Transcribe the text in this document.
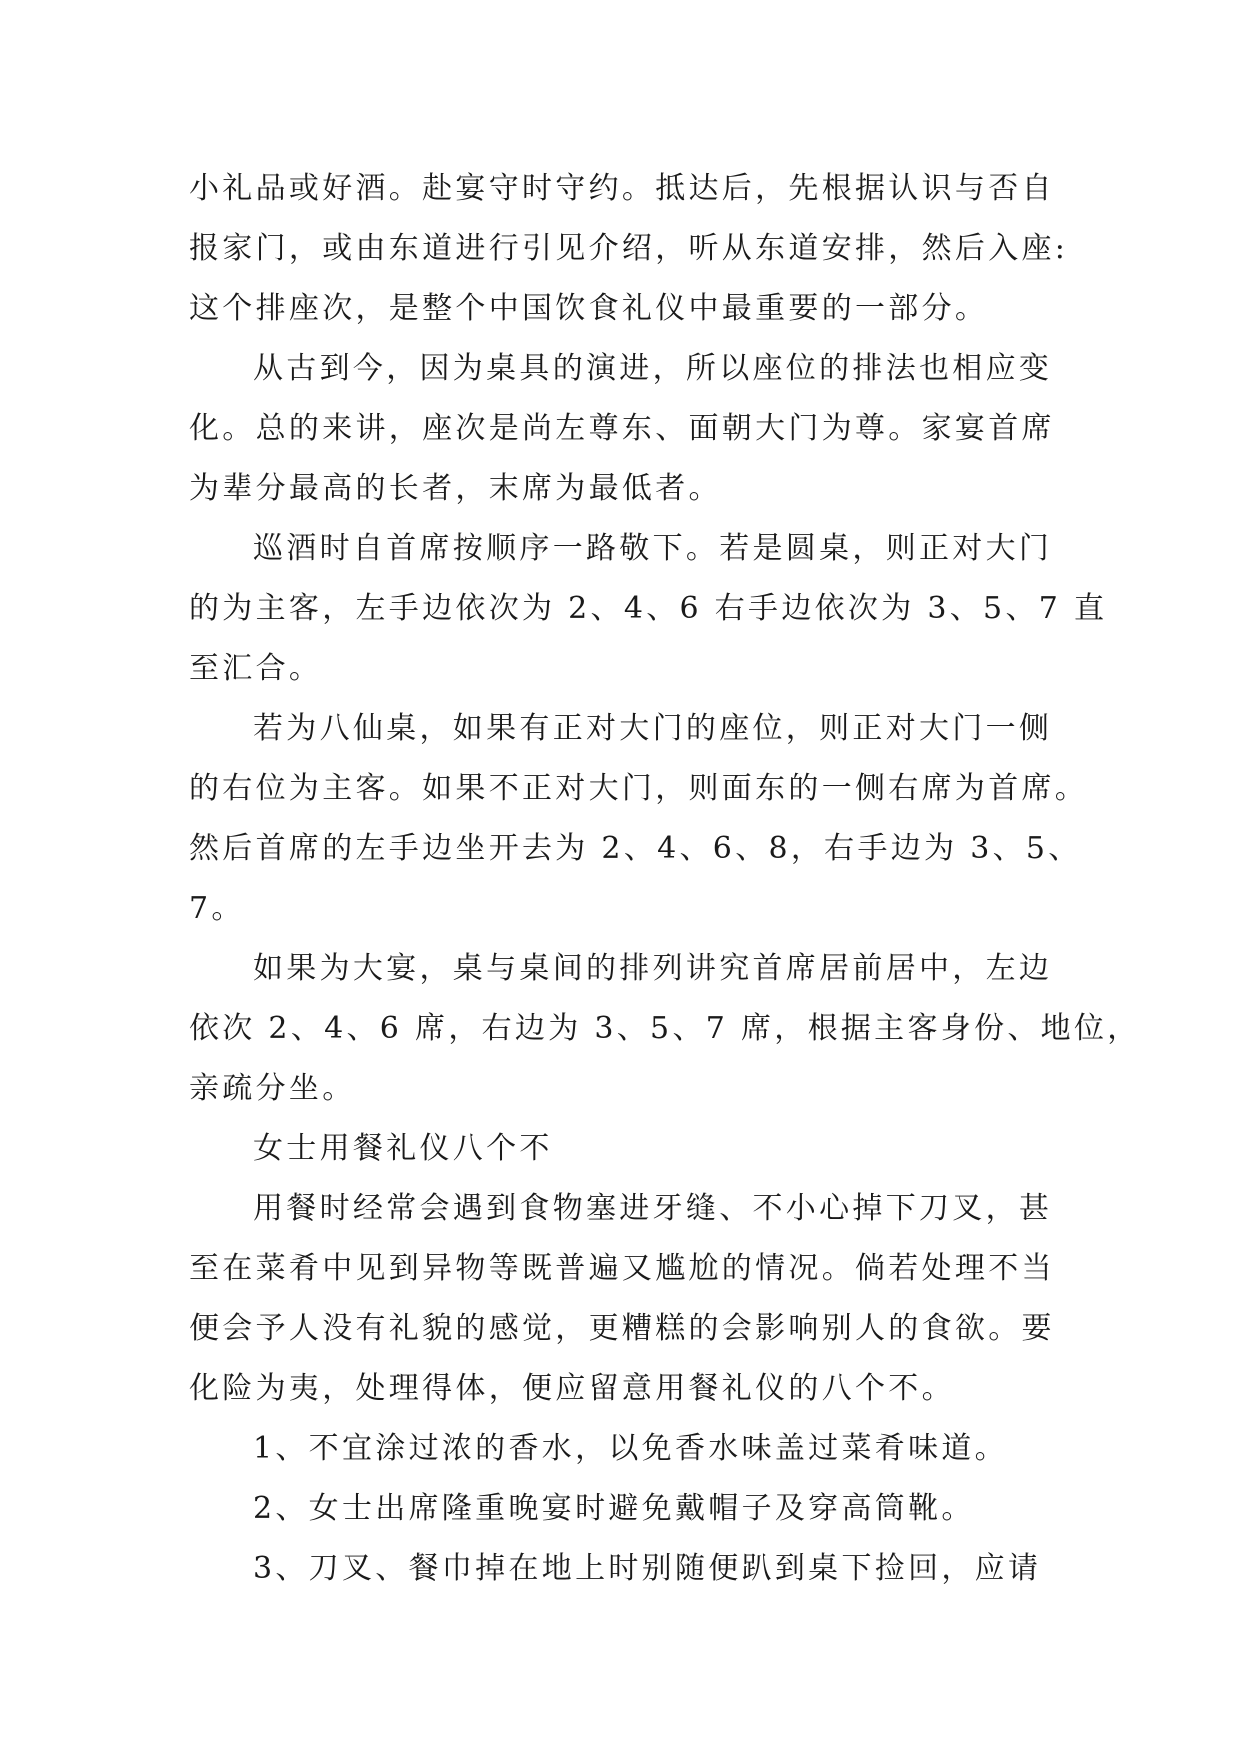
小礼品或好酒。赴宴守时守约。抵达后，先根据认识与否自
报家门，或由东道进行引见介绍，听从东道安排，然后入座:
这个排座次，是整个中国饮食礼仪中最重要的一部分。

从古到今，因为桌具的演进，所以座位的排法也相应变
化。总的来讲，座次是尚左尊东、面朝大门为尊。家宴首席
为辈分最高的长者，末席为最低者。

巡酒时自首席按顺序一路敬下。若是圆桌，则正对大门
的为主客，左手边依次为 2、4、6 右手边依次为 3、5、7 直
至汇合。

若为八仙桌，如果有正对大门的座位，则正对大门一侧
的右位为主客。如果不正对大门，则面东的一侧右席为首席。
然后首席的左手边坐开去为 2、4、6、8，右手边为 3、5、
7。

如果为大宴，桌与桌间的排列讲究首席居前居中，左边
依次 2、4、6 席，右边为 3、5、7 席，根据主客身份、地位，
亲疏分坐。

女士用餐礼仪八个不

用餐时经常会遇到食物塞进牙缝、不小心掉下刀叉，甚
至在菜肴中见到异物等既普遍又尴尬的情况。倘若处理不当
便会予人没有礼貌的感觉，更糟糕的会影响别人的食欲。要
化险为夷，处理得体，便应留意用餐礼仪的八个不。

1、不宜涂过浓的香水，以免香水味盖过菜肴味道。

2、女士出席隆重晚宴时避免戴帽子及穿高筒靴。

3、刀叉、餐巾掉在地上时别随便趴到桌下捡回，应请
